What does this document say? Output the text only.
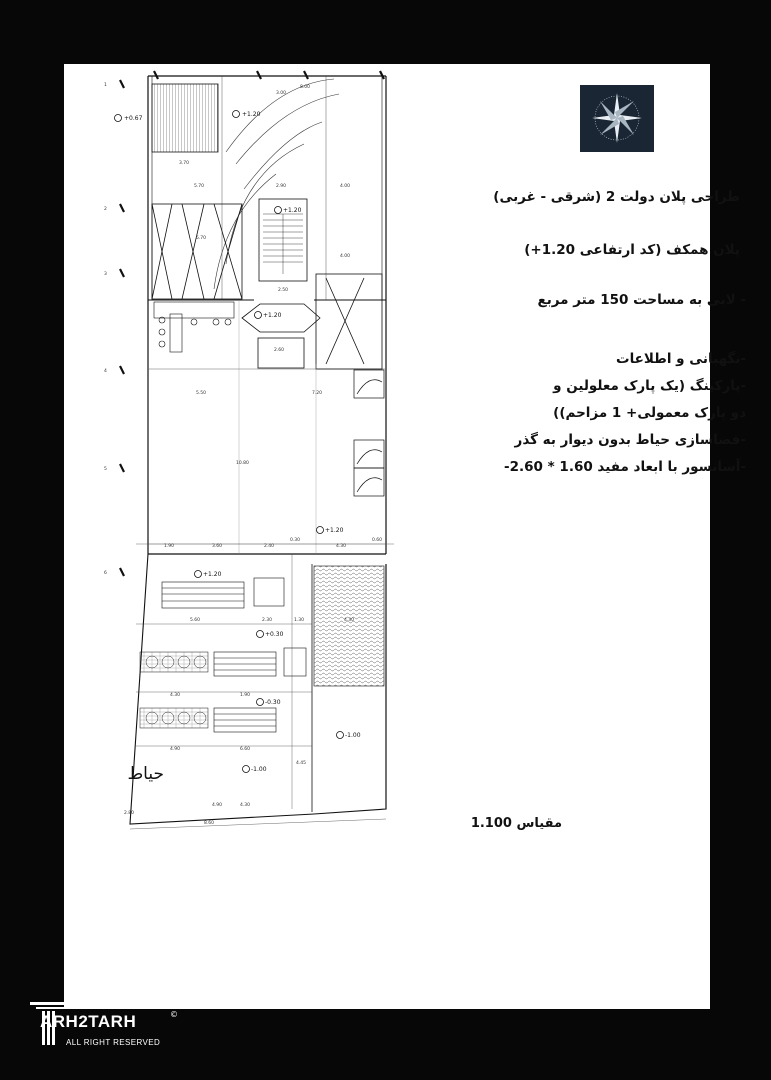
+0.67
+1.20
+1.20
+1.20
+1.20
+1.20
+0.30
-0.30
-1.00
-1.00
3.70
5.70	2.90	4.00
5.70
4.00
2.50
2.60
5.50	7.20
10.80
1.90	3.60	2.40
0.30
4.30
5.60	2.30	1.30	4.30
4.30
4.90
1.90
6.60
4.30
8.60
2.80
3.00
8.00
4.45
4.90
0.60
1
2
3
4
5
6
حیاط
طراحی پلان دولت 2 (شرقی - غربی)
پلان همکف (کد ارتفاعی 1.20+)
- لابی به مساحت 150 متر مربع
-نگهبانی و اطلاعات
-پارکینگ (یک پارک معلولین و
دو پارک معمولی+ 1 مزاحم))
-فضاسازی حیاط بدون دیوار به گذر
-آسانسور با ابعاد مفید 1.60 * 2.60-
مقیاس 1.100
ARH2TARH
ALL RIGHT RESERVED
©
